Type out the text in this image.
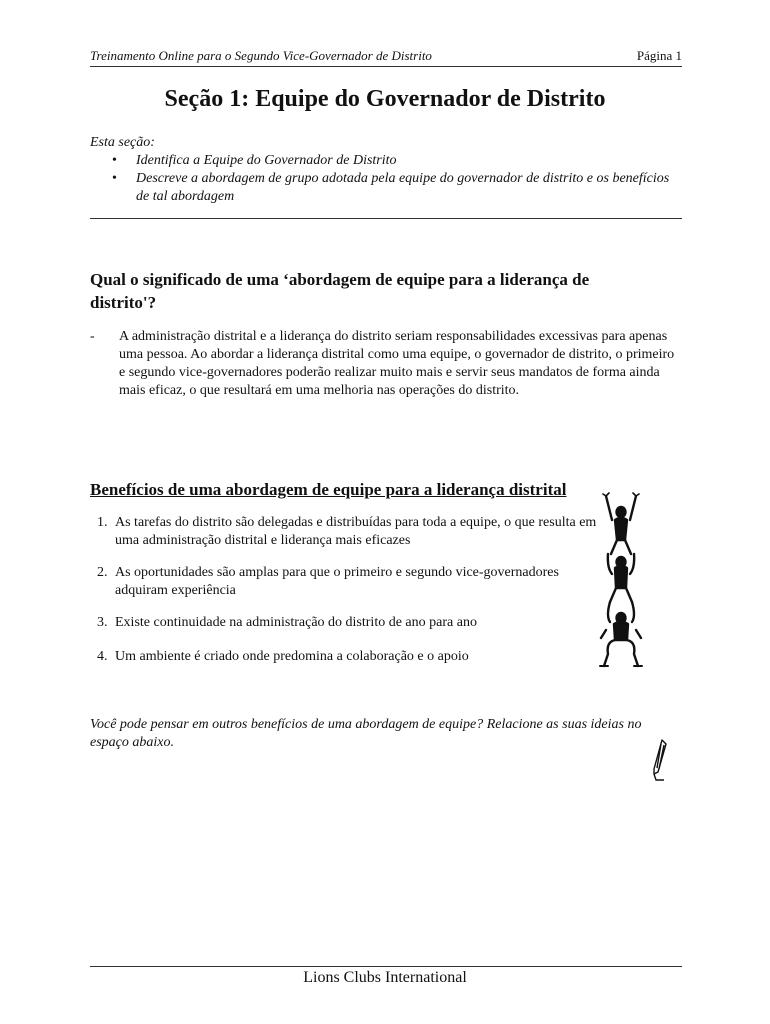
Treinamento Online para o Segundo Vice-Governador de Distrito	Página 1
Seção 1: Equipe do Governador de Distrito
Esta seção:
• Identifica a Equipe do Governador de Distrito
• Descreve a abordagem de grupo adotada pela equipe do governador de distrito e os benefícios de tal abordagem
Qual o significado de uma ‘abordagem de equipe para a liderança de distrito'?
- A administração distrital e a liderança do distrito seriam responsabilidades excessivas para apenas uma pessoa. Ao abordar a liderança distrital como uma equipe, o governador de distrito, o primeiro e segundo vice-governadores poderão realizar muito mais e servir seus mandatos de forma ainda mais eficaz, o que resultará em uma melhoria nas operações do distrito.
Benefícios de uma abordagem de equipe para a liderança distrital
1. As tarefas do distrito são delegadas e distribuídas para toda a equipe, o que resulta em uma administração distrital e liderança mais eficazes
2. As oportunidades são amplas para que o primeiro e segundo vice-governadores adquiram experiência
3. Existe continuidade na administração do distrito de ano para ano
4. Um ambiente é criado onde predomina a colaboração e o apoio
Você pode pensar em outros benefícios de uma abordagem de equipe? Relacione as suas ideias no espaço abaixo.
Lions Clubs International
